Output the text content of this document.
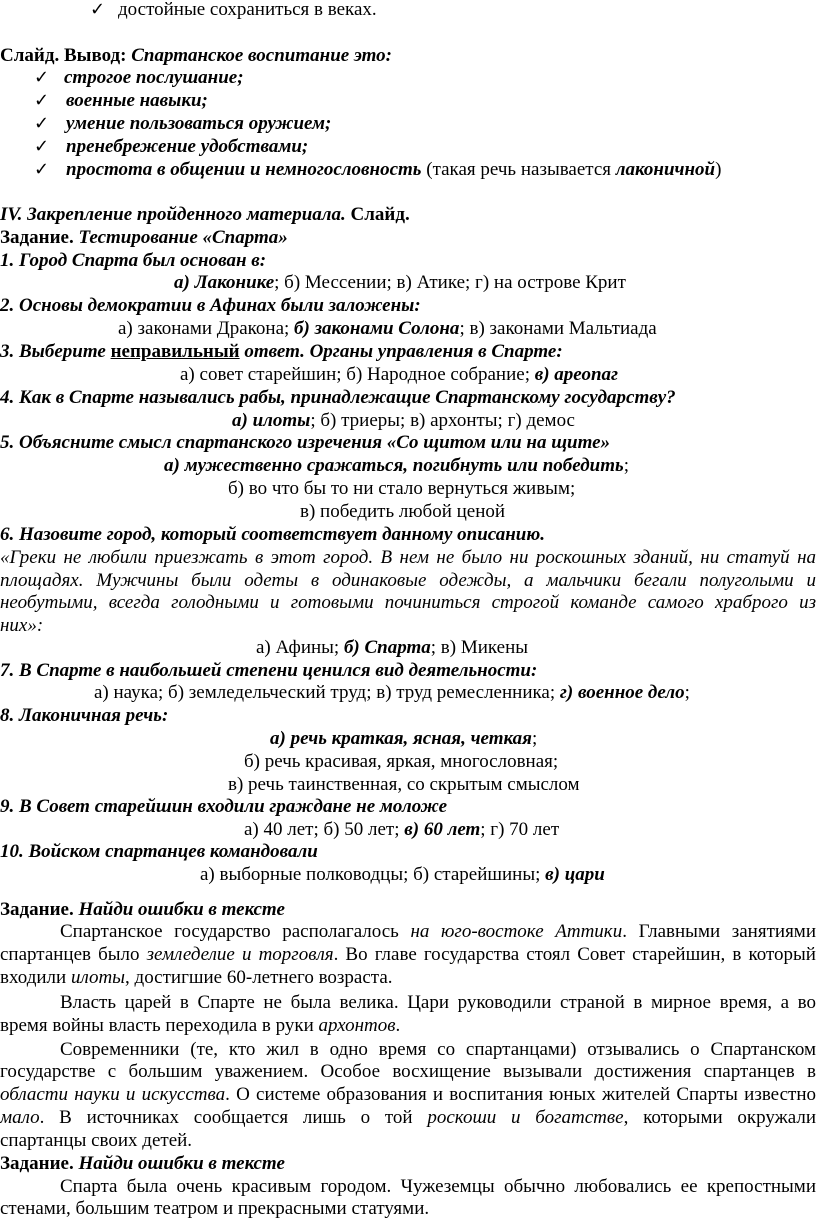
✓ достойные сохраниться в веках.
Слайд. Вывод: Спартанское воспитание это:
✓ строгое послушание;
✓ военные навыки;
✓ умение пользоваться оружием;
✓ пренебрежение удобствами;
✓ простота в общении и немногословность (такая речь называется лаконичной)
IV. Закрепление пройденного материала. Слайд.
Задание. Тестирование «Спарта»
1. Город Спарта был основан в:
а) Лаконике; б) Мессении; в) Атике; г) на острове Крит
2. Основы демократии в Афинах были заложены:
а) законами Дракона; б) законами Солона; в) законами Мальтиада
3. Выберите неправильный ответ. Органы управления в Спарте:
а) совет старейшин; б) Народное собрание; в) ареопаг
4. Как в Спарте назывались рабы, принадлежащие Спартанскому государству?
а) илоты; б) триеры; в) архонты; г) демос
5. Объясните смысл спартанского изречения «Со щитом или на щите»
а) мужественно сражаться, погибнуть или победить;
б) во что бы то ни стало вернуться живым;
в) победить любой ценой
6. Назовите город, который соответствует данному описанию.
«Греки не любили приезжать в этот город. В нем не было ни роскошных зданий, ни статуй на
площадях. Мужчины были одеты в одинаковые одежды, а мальчики бегали полуголыми и
необутыми, всегда голодными и готовыми починиться строгой команде самого храброго из
них»:
а) Афины; б) Спарта; в) Микены
7. В Спарте в наибольшей степени ценился вид деятельности:
а) наука; б) земледельческий труд; в) труд ремесленника; г) военное дело;
8. Лаконичная речь:
а) речь краткая, ясная, четкая;
б) речь красивая, яркая, многословная;
в) речь таинственная, со скрытым смыслом
9. В Совет старейшин входили граждане не моложе
а) 40 лет; б) 50 лет; в) 60 лет; г) 70 лет
10. Войском спартанцев командовали
а) выборные полководцы; б) старейшины; в) цари
Задание. Найди ошибки в тексте
Спартанское государство располагалось на юго-востоке Аттики. Главными занятиями
спартанцев было земледелие и торговля. Во главе государства стоял Совет старейшин, в который
входили илоты, достигшие 60-летнего возраста.
Власть царей в Спарте не была велика. Цари руководили страной в мирное время, а во
время войны власть переходила в руки архонтов.
Современники (те, кто жил в одно время со спартанцами) отзывались о Спартанском
государстве с большим уважением. Особое восхищение вызывали достижения спартанцев в
области науки и искусства. О системе образования и воспитания юных жителей Спарты известно
мало. В источниках сообщается лишь о той роскоши и богатстве, которыми окружали
спартанцы своих детей.
Задание. Найди ошибки в тексте
Спарта была очень красивым городом. Чужеземцы обычно любовались ее крепостными
стенами, большим театром и прекрасными статуями.
